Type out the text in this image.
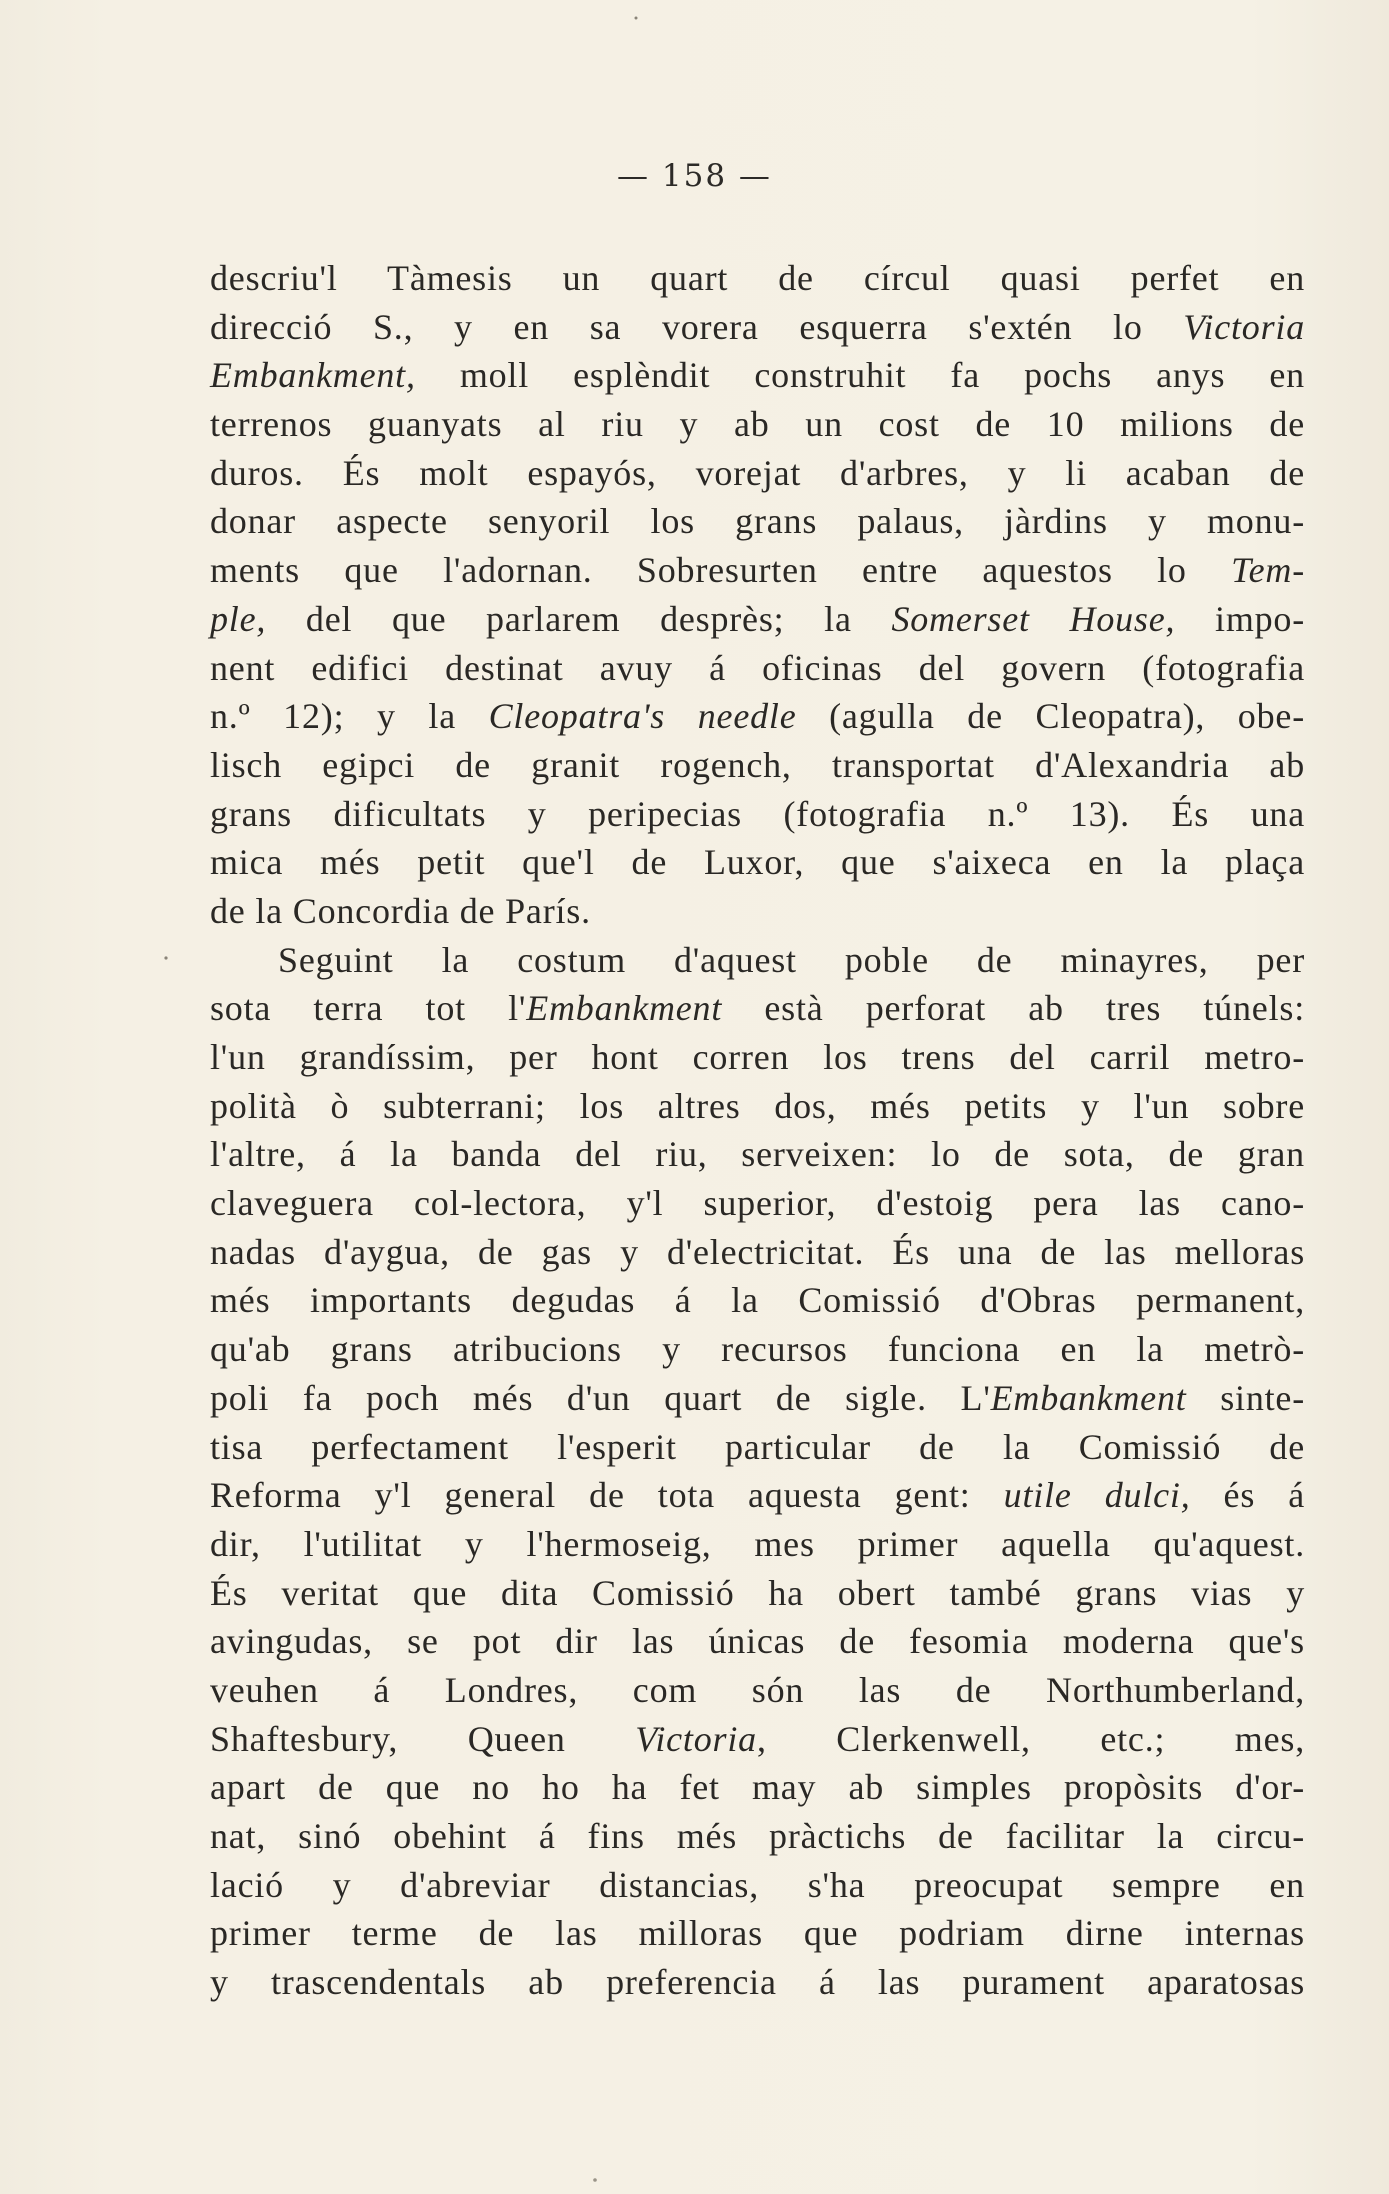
— 158 —
descriu'l Tàmesis un quart de círcul quasi perfet en
direcció S., y en sa vorera esquerra s'extén lo Victoria
Embankment, moll esplèndit construhit fa pochs anys en
terrenos guanyats al riu y ab un cost de 10 milions de
duros. És molt espayós, vorejat d'arbres, y li acaban de
donar aspecte senyoril los grans palaus, jàrdins y monu-
ments que l'adornan. Sobresurten entre aquestos lo Tem-
ple, del que parlarem desprès; la Somerset House, impo-
nent edifici destinat avuy á oficinas del govern (fotografia
n.º 12); y la Cleopatra's needle (agulla de Cleopatra), obe-
lisch egipci de granit rogench, transportat d'Alexandria ab
grans dificultats y peripecias (fotografia n.º 13). És una
mica més petit que'l de Luxor, que s'aixeca en la plaça
de la Concordia de París.
Seguint la costum d'aquest poble de minayres, per
sota terra tot l'Embankment està perforat ab tres túnels:
l'un grandíssim, per hont corren los trens del carril metro-
polità ò subterrani; los altres dos, més petits y l'un sobre
l'altre, á la banda del riu, serveixen: lo de sota, de gran
claveguera col-lectora, y'l superior, d'estoig pera las cano-
nadas d'aygua, de gas y d'electricitat. És una de las melloras
més importants degudas á la Comissió d'Obras permanent,
qu'ab grans atribucions y recursos funciona en la metrò-
poli fa poch més d'un quart de sigle. L'Embankment sinte-
tisa perfectament l'esperit particular de la Comissió de
Reforma y'l general de tota aquesta gent: utile dulci, és á
dir, l'utilitat y l'hermoseig, mes primer aquella qu'aquest.
És veritat que dita Comissió ha obert també grans vias y
avingudas, se pot dir las únicas de fesomia moderna que's
veuhen á Londres, com són las de Northumberland,
Shaftesbury, Queen Victoria, Clerkenwell, etc.; mes,
apart de que no ho ha fet may ab simples propòsits d'or-
nat, sinó obehint á fins més pràctichs de facilitar la circu-
lació y d'abreviar distancias, s'ha preocupat sempre en
primer terme de las milloras que podriam dirne internas
y trascendentals ab preferencia á las purament aparatosas
